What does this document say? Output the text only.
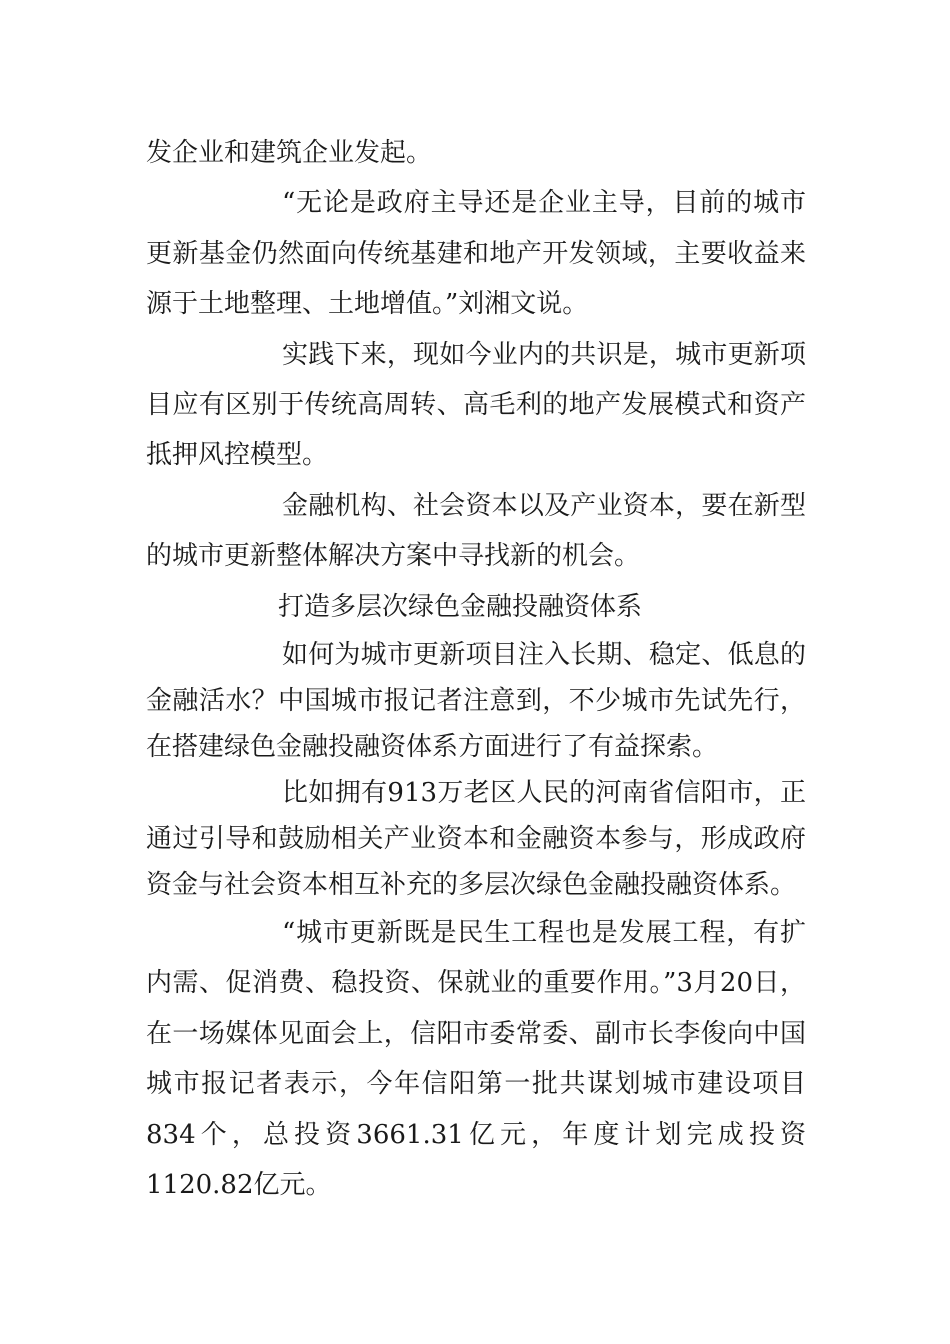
发企业和建筑企业发起。

“无论是政府主导还是企业主导，目前的城市更新基金仍然面向传统基建和地产开发领域，主要收益来源于土地整理、土地增值。”刘湘文说。

实践下来，现如今业内的共识是，城市更新项目应有区别于传统高周转、高毛利的地产发展模式和资产抵押风控模型。

金融机构、社会资本以及产业资本，要在新型的城市更新整体解决方案中寻找新的机会。

打造多层次绿色金融投融资体系

如何为城市更新项目注入长期、稳定、低息的金融活水？中国城市报记者注意到，不少城市先试先行，在搭建绿色金融投融资体系方面进行了有益探索。

比如拥有913万老区人民的河南省信阳市，正通过引导和鼓励相关产业资本和金融资本参与，形成政府资金与社会资本相互补充的多层次绿色金融投融资体系。

“城市更新既是民生工程也是发展工程，有扩内需、促消费、稳投资、保就业的重要作用。”3月20日，在一场媒体见面会上，信阳市委常委、副市长李俊向中国城市报记者表示，今年信阳第一批共谋划城市建设项目834个，总投资3661.31亿元，年度计划完成投资1120.82亿元。
